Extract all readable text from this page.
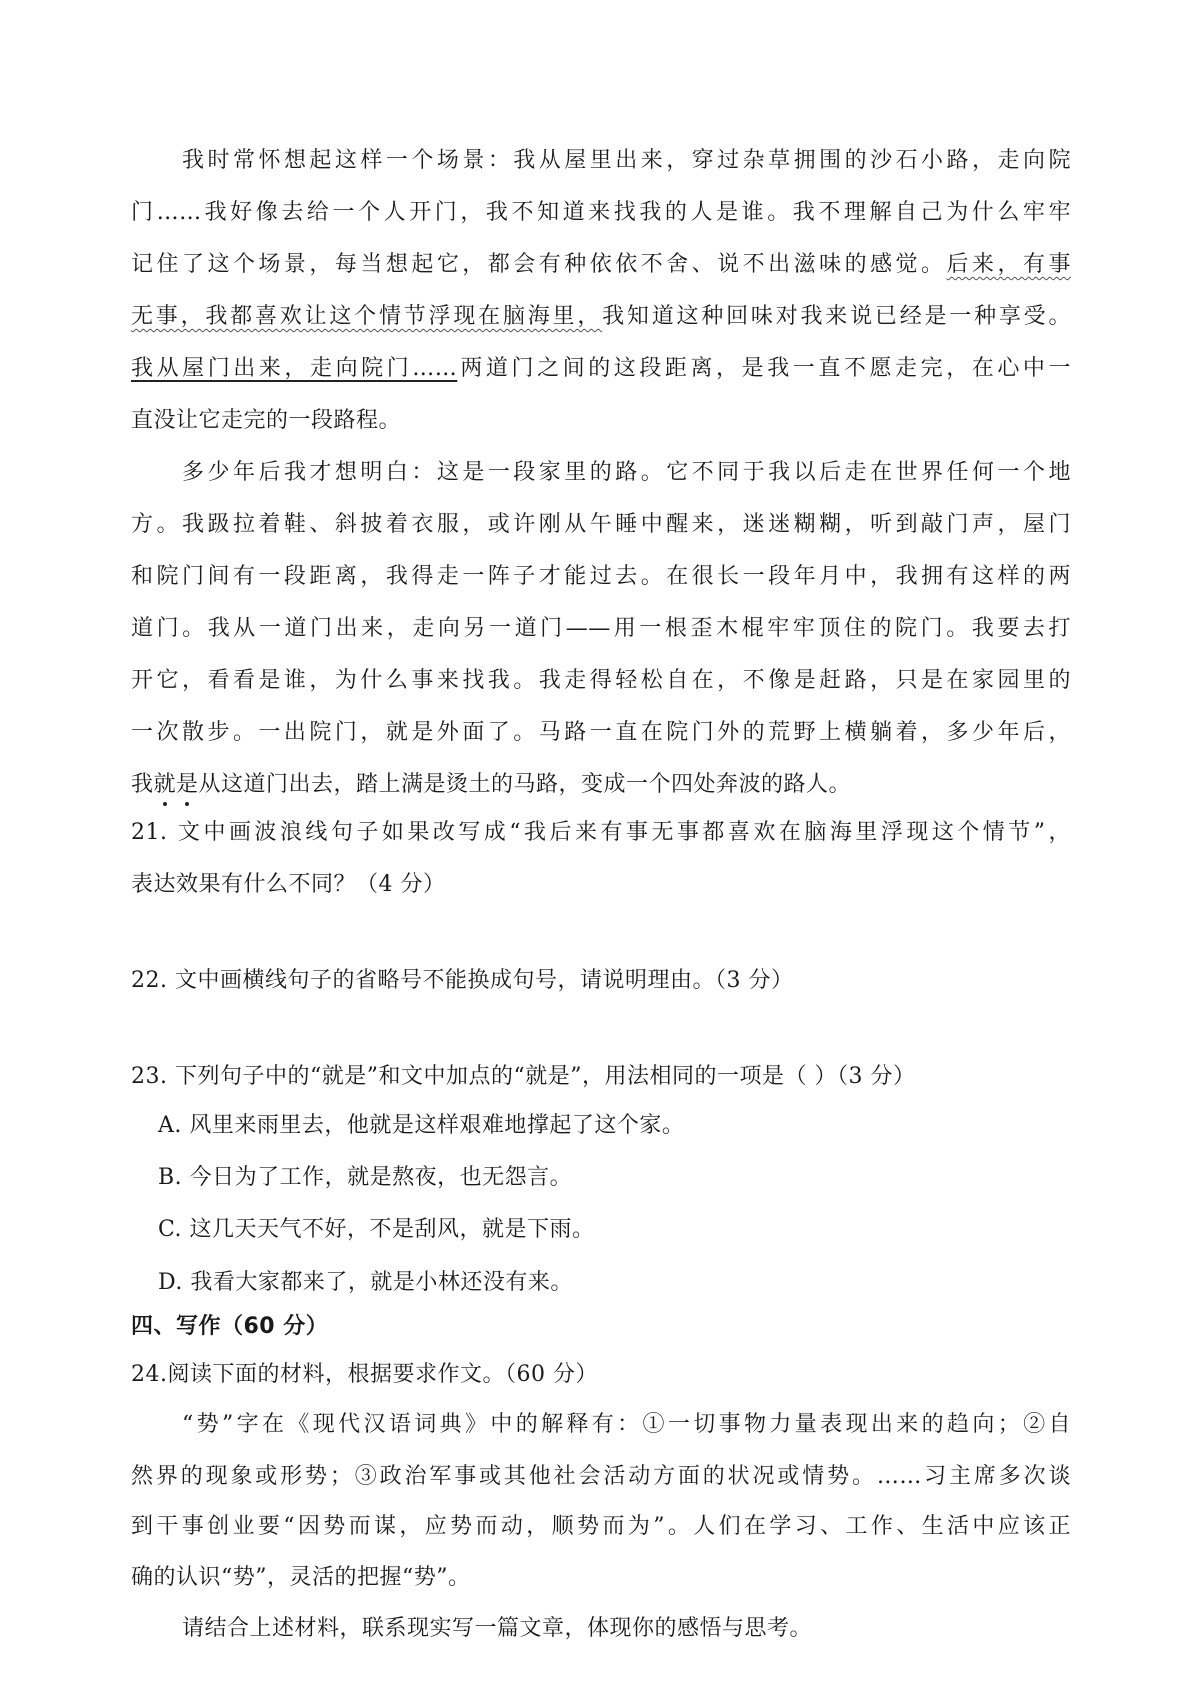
我时常怀想起这样一个场景：我从屋里出来，穿过杂草拥围的沙石小路，走向院
门……我好像去给一个人开门，我不知道来找我的人是谁。我不理解自己为什么牢牢
记住了这个场景，每当想起它，都会有种依依不舍、说不出滋味的感觉。后来，有事
无事，我都喜欢让这个情节浮现在脑海里，我知道这种回味对我来说已经是一种享受。
我从屋门出来，走向院门……两道门之间的这段距离，是我一直不愿走完，在心中一
直没让它走完的一段路程。
多少年后我才想明白：这是一段家里的路。它不同于我以后走在世界任何一个地
方。我趿拉着鞋、斜披着衣服，或许刚从午睡中醒来，迷迷糊糊，听到敲门声，屋门
和院门间有一段距离，我得走一阵子才能过去。在很长一段年月中，我拥有这样的两
道门。我从一道门出来，走向另一道门——用一根歪木棍牢牢顶住的院门。我要去打
开它，看看是谁，为什么事来找我。我走得轻松自在，不像是赶路，只是在家园里的
一次散步。一出院门，就是外面了。马路一直在院门外的荒野上横躺着，多少年后，
我就是从这道门出去，踏上满是烫土的马路，变成一个四处奔波的路人。
21. 文中画波浪线句子如果改写成“我后来有事无事都喜欢在脑海里浮现这个情节”，
表达效果有什么不同？（4 分）
22. 文中画横线句子的省略号不能换成句号，请说明理由。（3 分）
23. 下列句子中的“就是”和文中加点的“就是”，用法相同的一项是（ ）（3 分）
A. 风里来雨里去，他就是这样艰难地撑起了这个家。
B. 今日为了工作，就是熬夜，也无怨言。
C. 这几天天气不好，不是刮风，就是下雨。
D. 我看大家都来了，就是小林还没有来。
四、写作（60 分）
24.阅读下面的材料，根据要求作文。（60 分）
“势”字在《现代汉语词典》中的解释有：①一切事物力量表现出来的趋向；②自
然界的现象或形势；③政治军事或其他社会活动方面的状况或情势。……习主席多次谈
到干事创业要“因势而谋，应势而动，顺势而为”。人们在学习、工作、生活中应该正
确的认识“势”，灵活的把握“势”。
请结合上述材料，联系现实写一篇文章，体现你的感悟与思考。
